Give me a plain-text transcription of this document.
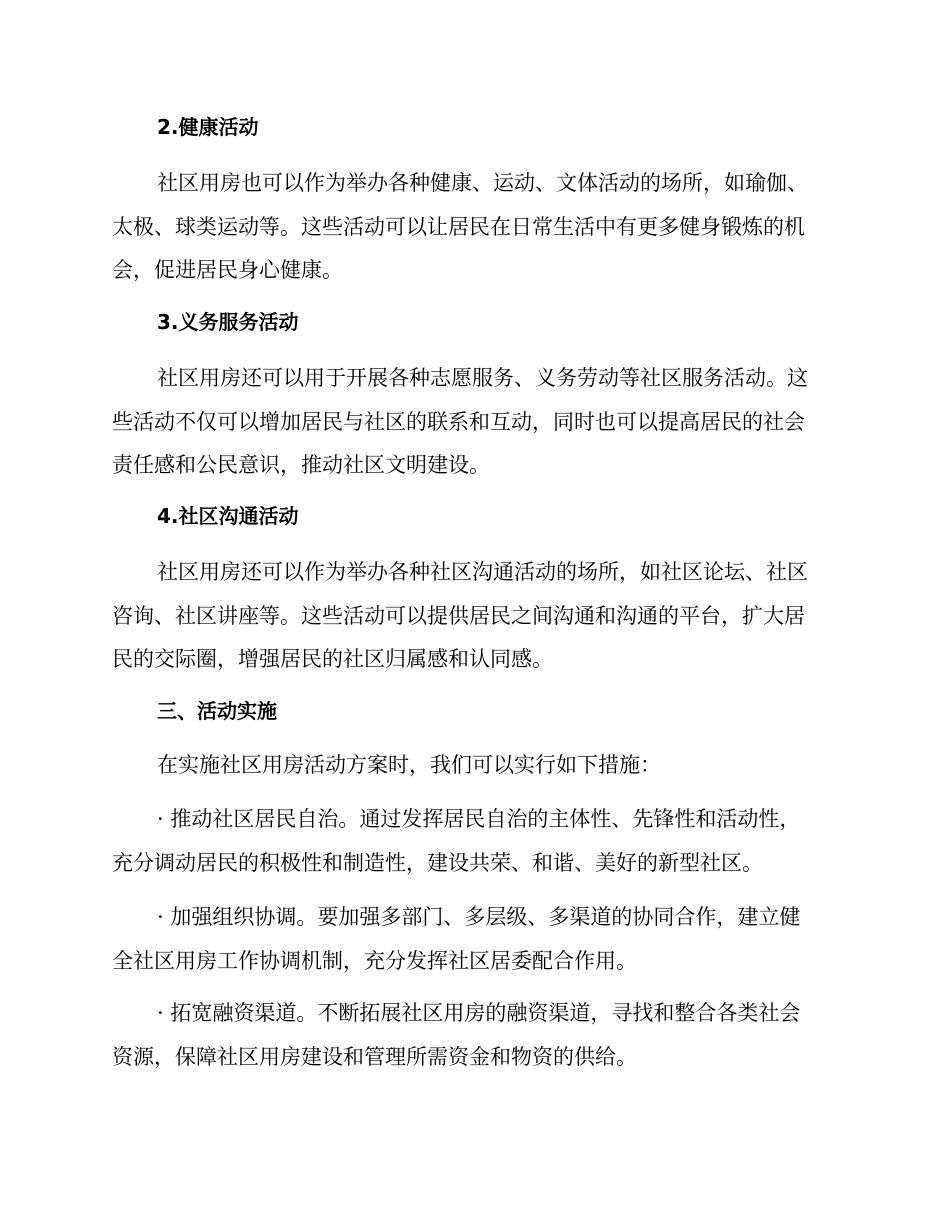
2.健康活动
社区用房也可以作为举办各种健康、运动、文体活动的场所，如瑜伽、
太极、球类运动等。这些活动可以让居民在日常生活中有更多健身锻炼的机
会，促进居民身心健康。
3.义务服务活动
社区用房还可以用于开展各种志愿服务、义务劳动等社区服务活动。这
些活动不仅可以增加居民与社区的联系和互动，同时也可以提高居民的社会
责任感和公民意识，推动社区文明建设。
4.社区沟通活动
社区用房还可以作为举办各种社区沟通活动的场所，如社区论坛、社区
咨询、社区讲座等。这些活动可以提供居民之间沟通和沟通的平台，扩大居
民的交际圈，增强居民的社区归属感和认同感。
三、活动实施
在实施社区用房活动方案时，我们可以实行如下措施：
· 推动社区居民自治。通过发挥居民自治的主体性、先锋性和活动性，
充分调动居民的积极性和制造性，建设共荣、和谐、美好的新型社区。
· 加强组织协调。要加强多部门、多层级、多渠道的协同合作，建立健
全社区用房工作协调机制，充分发挥社区居委配合作用。
· 拓宽融资渠道。不断拓展社区用房的融资渠道，寻找和整合各类社会
资源，保障社区用房建设和管理所需资金和物资的供给。
